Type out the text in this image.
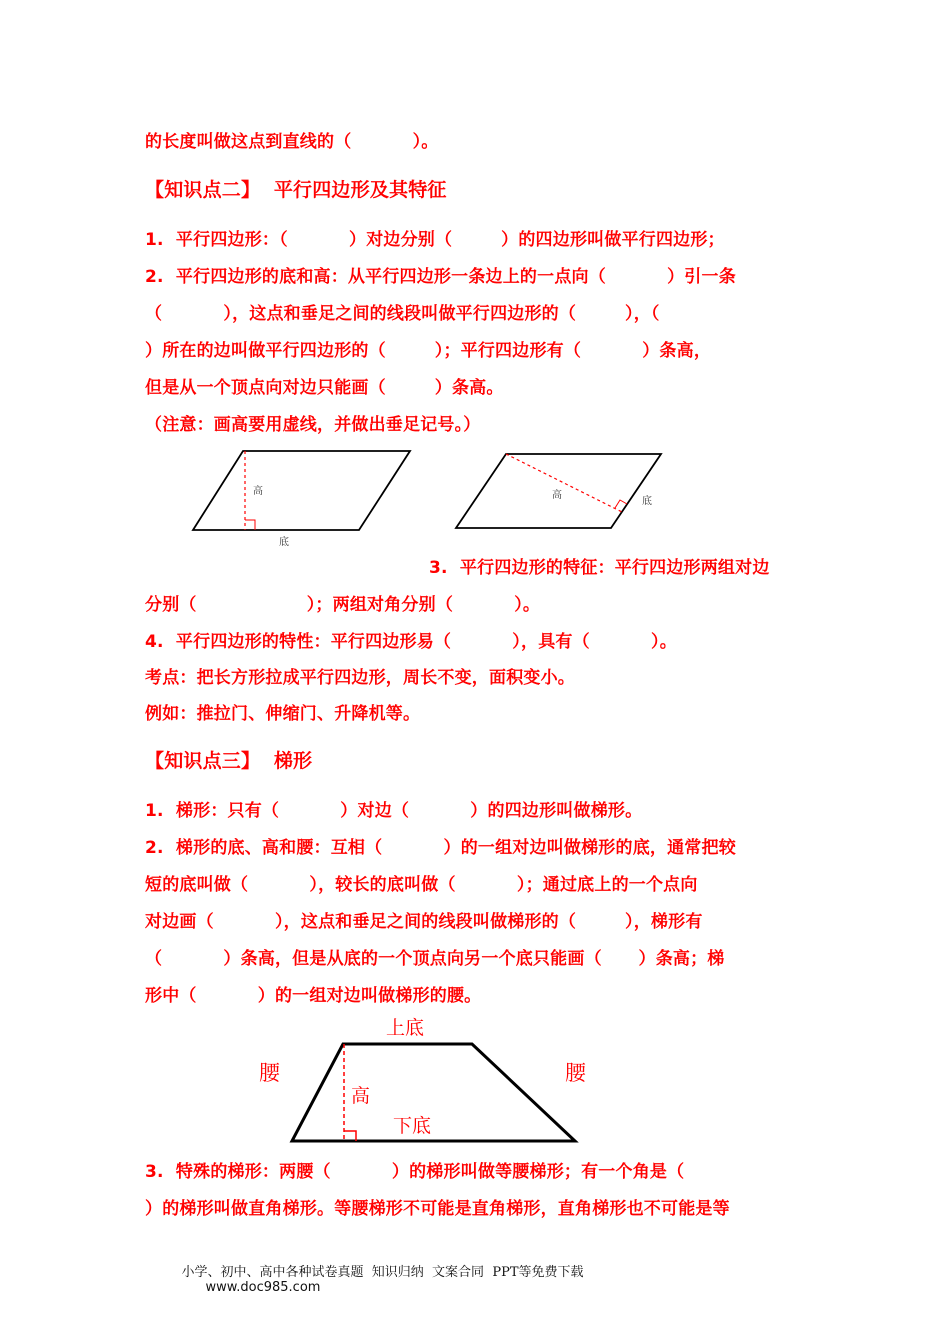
的长度叫做这点到直线的（          ）。
【知识点二】  平行四边形及其特征
1.  平行四边形：（          ）对边分别（        ）的四边形叫做平行四边形；
2.  平行四边形的底和高：从平行四边形一条边上的一点向（          ）引一条
（          ），这点和垂足之间的线段叫做平行四边形的（        ），（
）所在的边叫做平行四边形的（        ）；平行四边形有（          ）条高，
但是从一个顶点向对边只能画（        ）条高。
（注意：画高要用虚线，并做出垂足记号。）
高
底
高
底
3.  平行四边形的特征：平行四边形两组对边
分别（                  ）；两组对角分别（          ）。
4.  平行四边形的特性：平行四边形易（          ），具有（          ）。
考点：把长方形拉成平行四边形，周长不变，面积变小。
例如：推拉门、伸缩门、升降机等。
【知识点三】  梯形
1.  梯形：只有（          ）对边（          ）的四边形叫做梯形。
2.  梯形的底、高和腰：互相（          ）的一组对边叫做梯形的底，通常把较
短的底叫做（          ），较长的底叫做（          ）；通过底上的一个点向
对边画（          ），这点和垂足之间的线段叫做梯形的（        ），梯形有
（          ）条高，但是从底的一个顶点向另一个底只能画（      ）条高；梯
形中（          ）的一组对边叫做梯形的腰。
上底
下底
高
腰	腰
3.  特殊的梯形：两腰（          ）的梯形叫做等腰梯形；有一个角是（
）的梯形叫做直角梯形。等腰梯形不可能是直角梯形，直角梯形也不可能是等

小学、初中、高中各种试卷真题  知识归纳  文案合同  PPT等免费下载
www.doc985.com
